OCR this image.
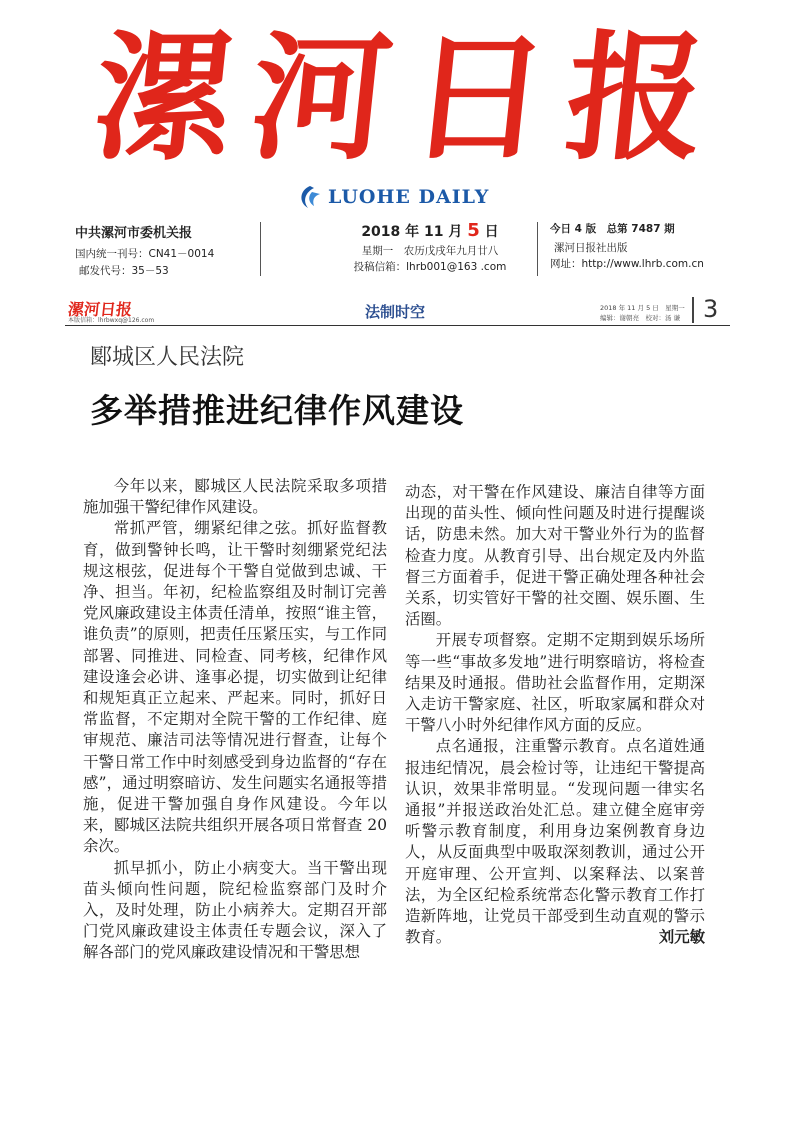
漯 河 日 报
LUOHE DAILY
中共漯河市委机关报
国内统一刊号：CN41－0014
邮发代号：35－53
2018 年 11 月 5 日
星期一　农历戊戌年九月廿八
投稿信箱：lhrb001@163 .com
今日 4 版　总第 7487 期
漯河日报社出版
网址：http://www.lhrb.com.cn
漯河日报
本版信箱：lhrbwxq@126.com	法制时空	2018 年 11 月 5 日　星期一
编辑：谢朝亮　校对：汤 谦 3
郾城区人民法院
多举措推进纪律作风建设

今年以来，郾城区人民法院采取多项措施加强干警纪律作风建设。

常抓严管，绷紧纪律之弦。抓好监督教育，做到警钟长鸣，让干警时刻绷紧党纪法规这根弦，促进每个干警自觉做到忠诚、干净、担当。年初，纪检监察组及时制订完善党风廉政建设主体责任清单，按照“谁主管，谁负责”的原则，把责任压紧压实，与工作同部署、同推进、同检查、同考核，纪律作风建设逢会必讲、逢事必提，切实做到让纪律和规矩真正立起来、严起来。同时，抓好日常监督，不定期对全院干警的工作纪律、庭审规范、廉洁司法等情况进行督查，让每个干警日常工作中时刻感受到身边监督的“存在感”，通过明察暗访、发生问题实名通报等措施，促进干警加强自身作风建设。今年以来，郾城区法院共组织开展各项日常督查 20 余次。

抓早抓小，防止小病变大。当干警出现苗头倾向性问题，院纪检监察部门及时介入，及时处理，防止小病养大。定期召开部门党风廉政建设主体责任专题会议，深入了解各部门的党风廉政建设情况和干警思想

动态，对干警在作风建设、廉洁自律等方面出现的苗头性、倾向性问题及时进行提醒谈话，防患未然。加大对干警业外行为的监督检查力度。从教育引导、出台规定及内外监督三方面着手，促进干警正确处理各种社会关系，切实管好干警的社交圈、娱乐圈、生活圈。

开展专项督察。定期不定期到娱乐场所等一些“事故多发地”进行明察暗访，将检查结果及时通报。借助社会监督作用，定期深入走访干警家庭、社区，听取家属和群众对干警八小时外纪律作风方面的反应。

点名通报，注重警示教育。点名道姓通报违纪情况，晨会检讨等，让违纪干警提高认识，效果非常明显。“发现问题一律实名通报”并报送政治处汇总。建立健全庭审旁听警示教育制度，利用身边案例教育身边人，从反面典型中吸取深刻教训，通过公开开庭审理、公开宣判、以案释法、以案普法，为全区纪检系统常态化警示教育工作打造新阵地，让党员干部受到生动直观的警示教育。	刘元敏
